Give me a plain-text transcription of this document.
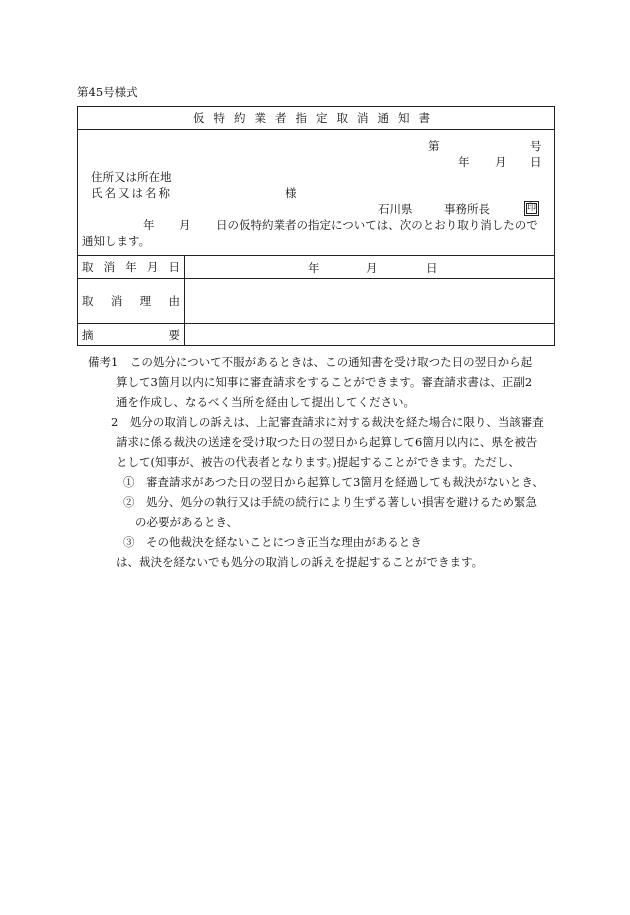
第45号様式
仮特約業者指定取消通知書
第	号
年 月 日
住所又は所在地
氏名又は名称	様
石川県	事務所長	印
年 月 日の仮特約業者の指定については、次のとおり取り消したので
通知します。
取 消 年 月 日	年	月	日
取 消 理 由
摘	要
備考1　この処分について不服があるときは、この通知書を受け取つた日の翌日から起
算して3箇月以内に知事に審査請求をすることができます。審査請求書は、正副2
通を作成し、なるべく当所を経由して提出してください。
2　処分の取消しの訴えは、上記審査請求に対する裁決を経た場合に限り、当該審査
請求に係る裁決の送達を受け取つた日の翌日から起算して6箇月以内に、県を被告
として(知事が、被告の代表者となります。)提起することができます。ただし、
①　審査請求があつた日の翌日から起算して3箇月を経過しても裁決がないとき、
②　処分、処分の執行又は手続の続行により生ずる著しい損害を避けるため緊急
の必要があるとき、
③　その他裁決を経ないことにつき正当な理由があるとき
は、裁決を経ないでも処分の取消しの訴えを提起することができます。
